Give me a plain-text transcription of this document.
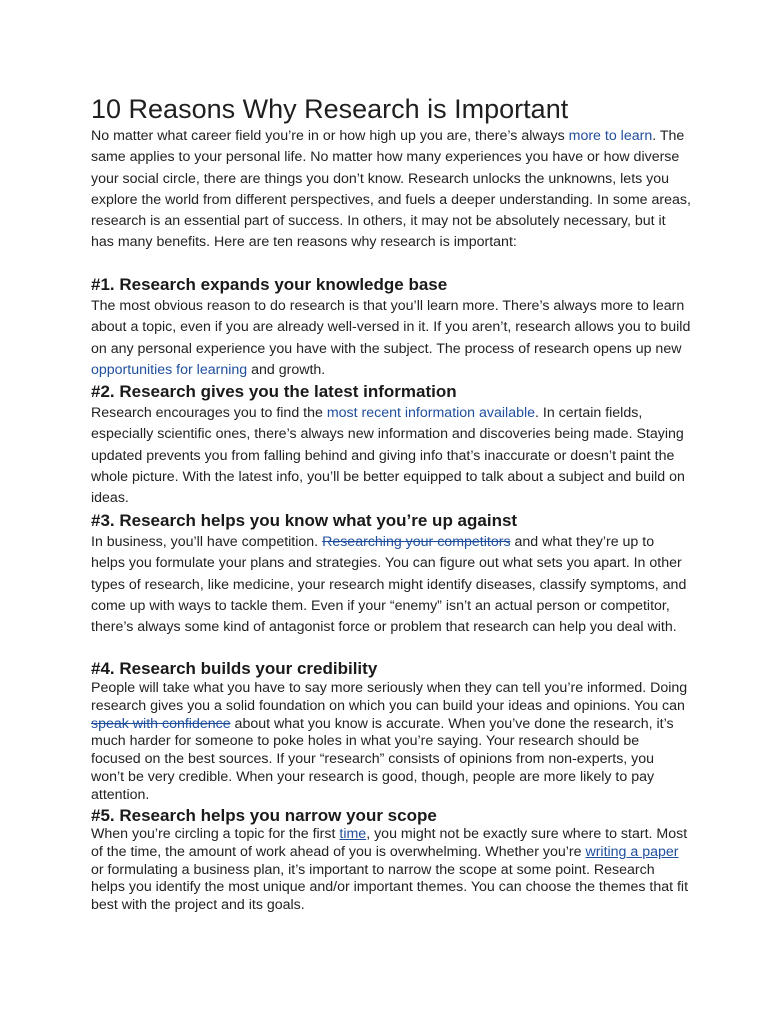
10 Reasons Why Research is Important

No matter what career field you’re in or how high up you are, there’s always more to learn. The same applies to your personal life. No matter how many experiences you have or how diverse your social circle, there are things you don’t know. Research unlocks the unknowns, lets you explore the world from different perspectives, and fuels a deeper understanding. In some areas, research is an essential part of success. In others, it may not be absolutely necessary, but it has many benefits. Here are ten reasons why research is important:

#1. Research expands your knowledge base

The most obvious reason to do research is that you’ll learn more. There’s always more to learn about a topic, even if you are already well-versed in it. If you aren’t, research allows you to build on any personal experience you have with the subject. The process of research opens up new opportunities for learning and growth.

#2. Research gives you the latest information

Research encourages you to find the most recent information available. In certain fields, especially scientific ones, there’s always new information and discoveries being made. Staying updated prevents you from falling behind and giving info that’s inaccurate or doesn’t paint the whole picture. With the latest info, you’ll be better equipped to talk about a subject and build on ideas.

#3. Research helps you know what you’re up against

In business, you’ll have competition. Researching your competitors and what they’re up to helps you formulate your plans and strategies. You can figure out what sets you apart. In other types of research, like medicine, your research might identify diseases, classify symptoms, and come up with ways to tackle them. Even if your “enemy” isn’t an actual person or competitor, there’s always some kind of antagonist force or problem that research can help you deal with.

#4. Research builds your credibility

People will take what you have to say more seriously when they can tell you’re informed. Doing research gives you a solid foundation on which you can build your ideas and opinions. You can speak with confidence about what you know is accurate. When you’ve done the research, it’s much harder for someone to poke holes in what you’re saying. Your research should be focused on the best sources. If your “research” consists of opinions from non-experts, you won’t be very credible. When your research is good, though, people are more likely to pay attention.

#5. Research helps you narrow your scope

When you’re circling a topic for the first time, you might not be exactly sure where to start. Most of the time, the amount of work ahead of you is overwhelming. Whether you’re writing a paper or formulating a business plan, it’s important to narrow the scope at some point. Research helps you identify the most unique and/or important themes. You can choose the themes that fit best with the project and its goals.
